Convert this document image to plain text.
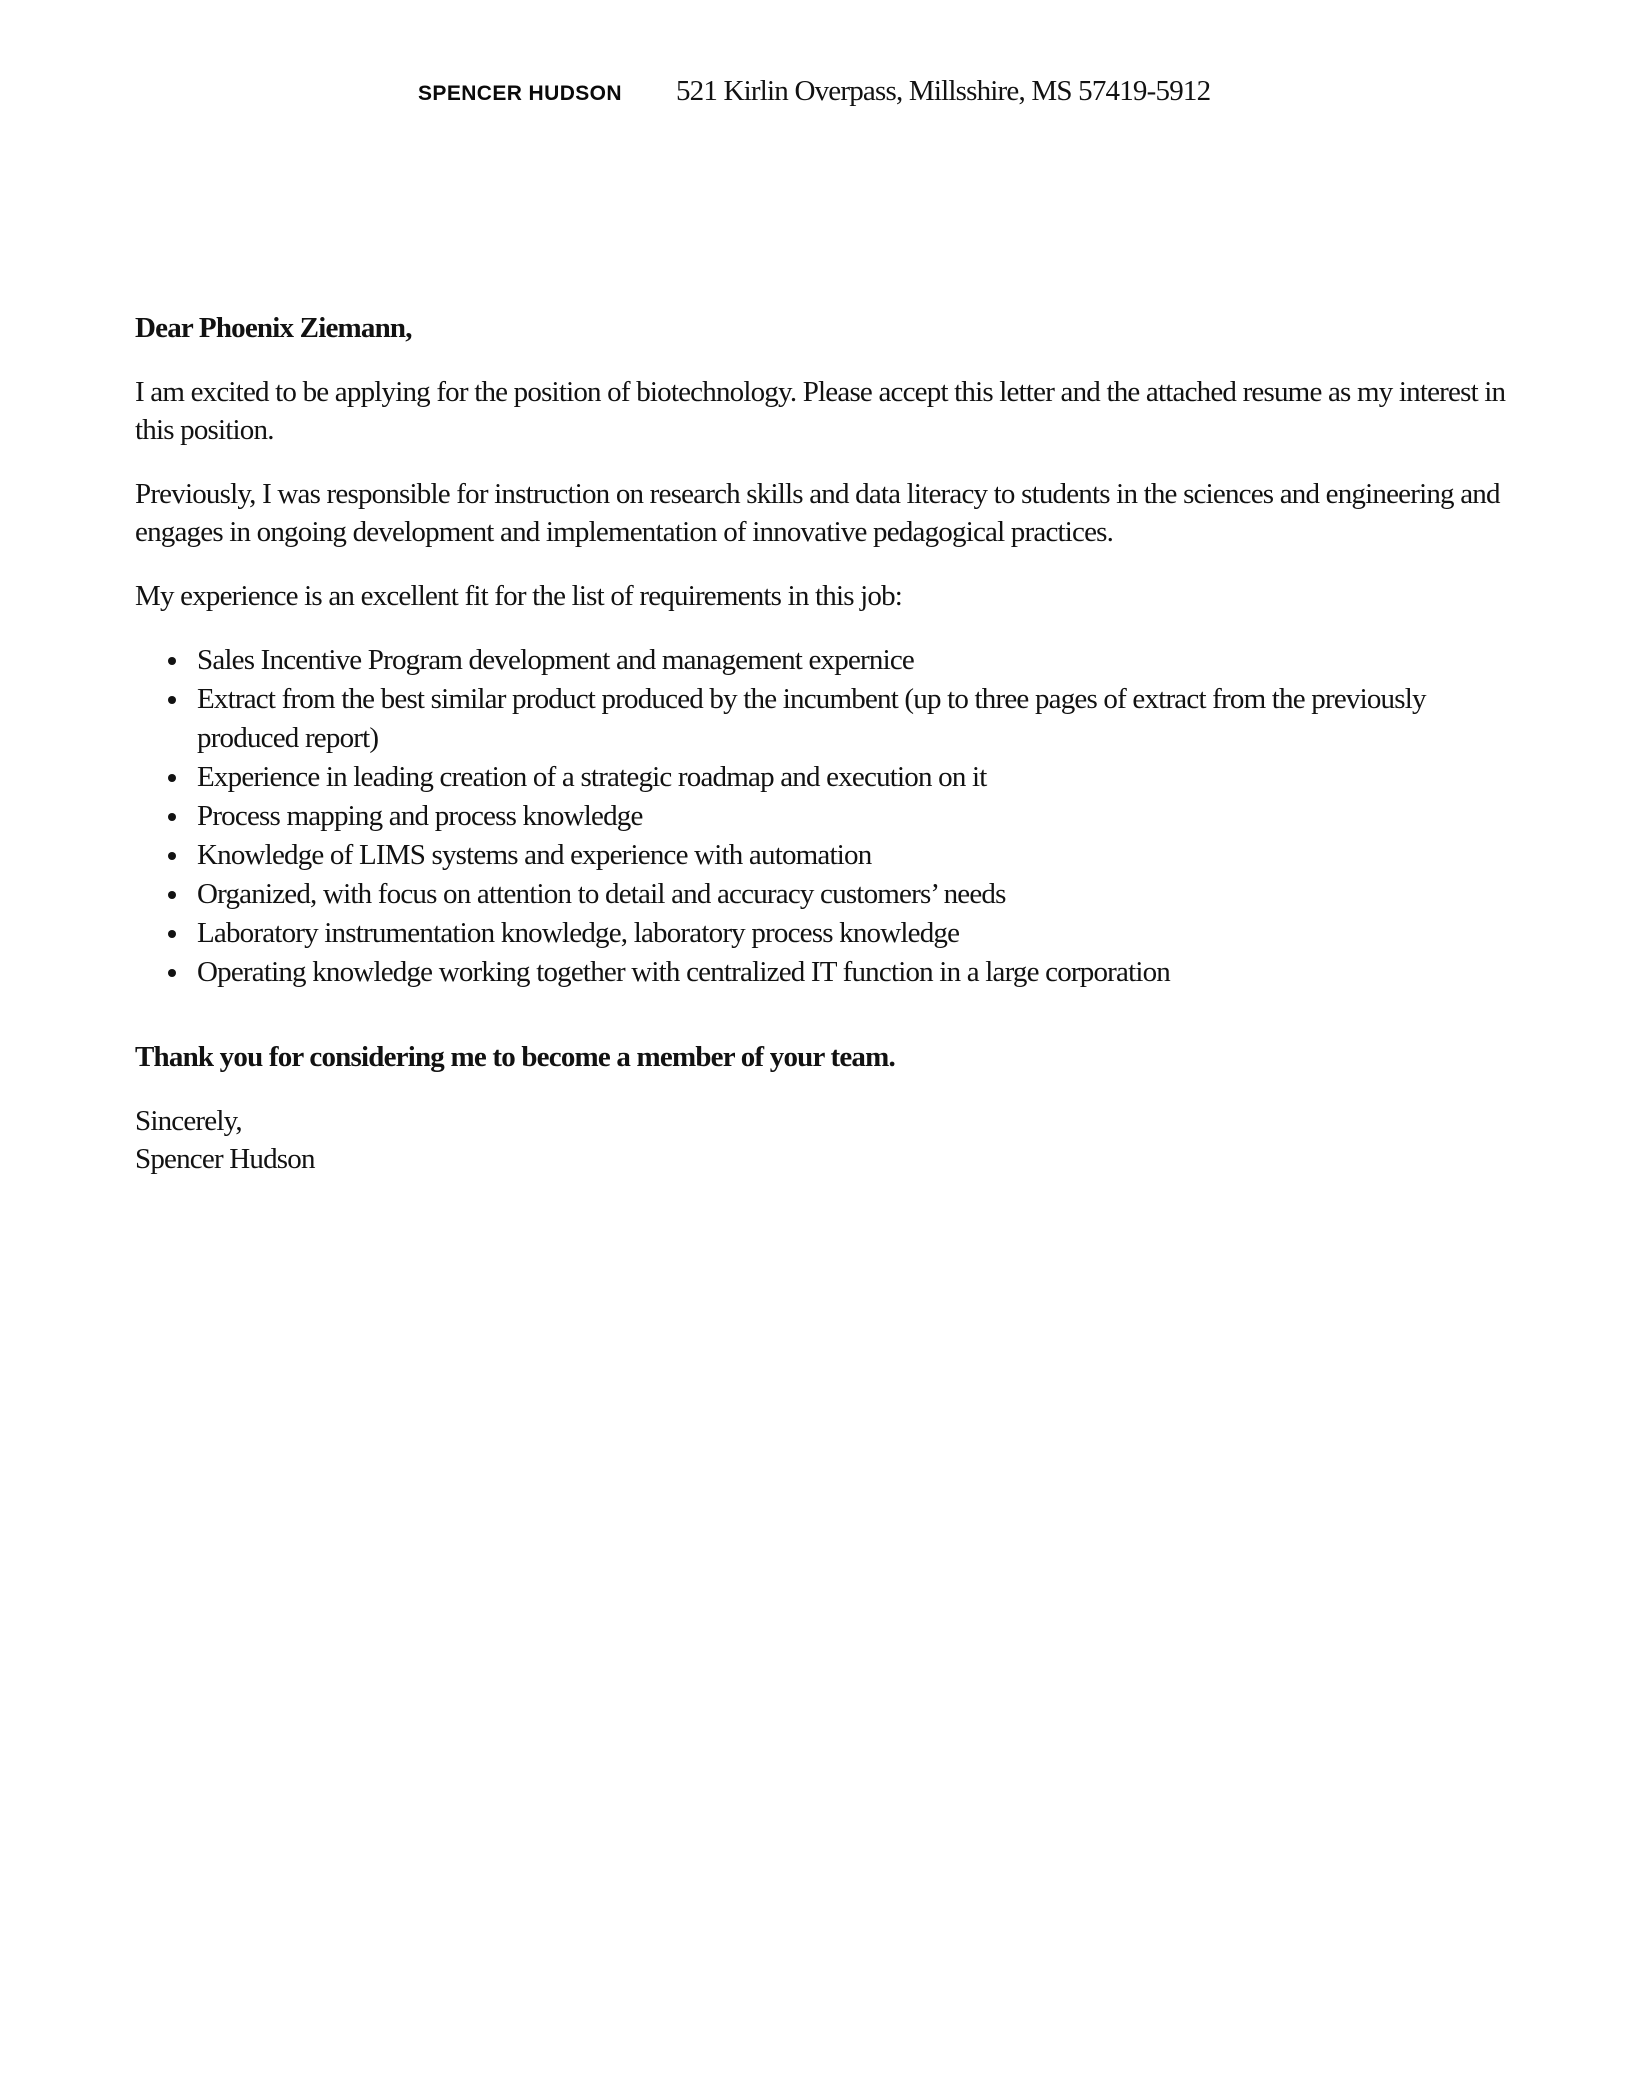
SPENCER HUDSON 521 Kirlin Overpass, Millsshire, MS 57419-5912

Dear Phoenix Ziemann,

I am excited to be applying for the position of biotechnology. Please accept this letter and the attached resume as my interest in this position.

Previously, I was responsible for instruction on research skills and data literacy to students in the sciences and engineering and engages in ongoing development and implementation of innovative pedagogical practices.

My experience is an excellent fit for the list of requirements in this job:

• Sales Incentive Program development and management expernice
• Extract from the best similar product produced by the incumbent (up to three pages of extract from the previously produced report)
• Experience in leading creation of a strategic roadmap and execution on it
• Process mapping and process knowledge
• Knowledge of LIMS systems and experience with automation
• Organized, with focus on attention to detail and accuracy customers’ needs
• Laboratory instrumentation knowledge, laboratory process knowledge
• Operating knowledge working together with centralized IT function in a large corporation

Thank you for considering me to become a member of your team.

Sincerely,
Spencer Hudson
